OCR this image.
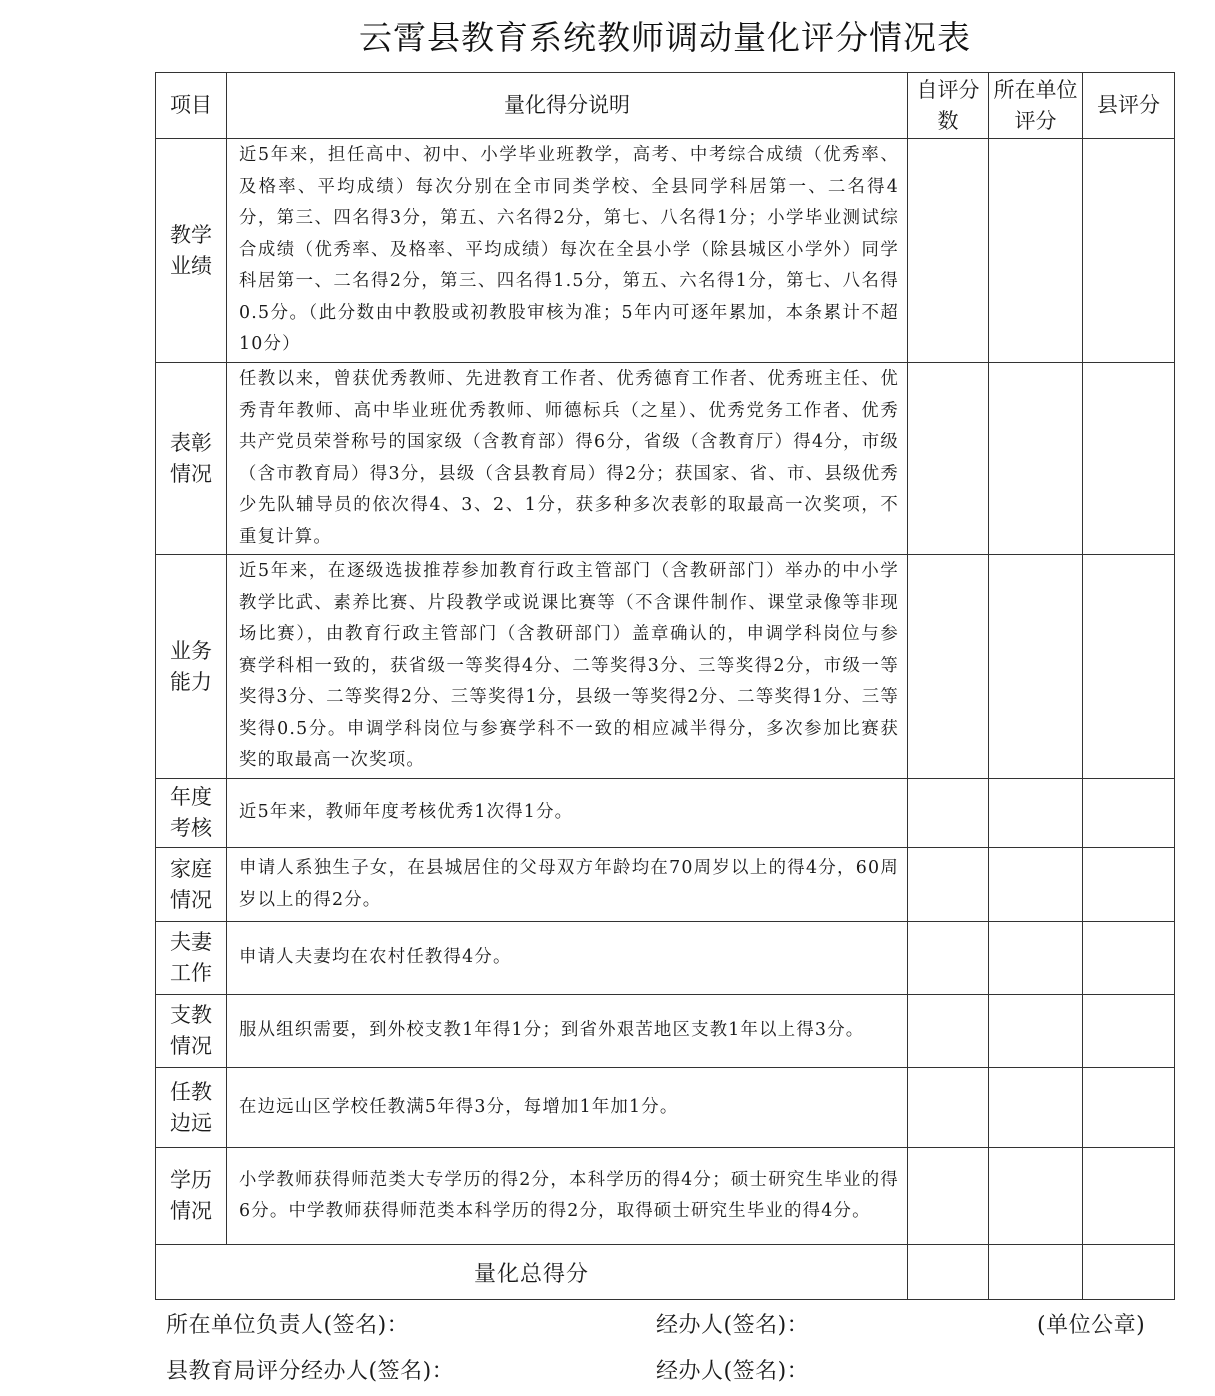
云霄县教育系统教师调动量化评分情况表
项目	量化得分说明	自评分数	所在单位评分	县评分
教学业绩	近5年来，担任高中、初中、小学毕业班教学，高考、中考综合成绩（优秀率、及格率、平均成绩）每次分别在全市同类学校、全县同学科居第一、二名得4分，第三、四名得3分，第五、六名得2分，第七、八名得1分；小学毕业测试综合成绩（优秀率、及格率、平均成绩）每次在全县小学（除县城区小学外）同学科居第一、二名得2分，第三、四名得1.5分，第五、六名得1分，第七、八名得0.5分。（此分数由中教股或初教股审核为准；5年内可逐年累加，本条累计不超10分）			
表彰情况	任教以来，曾获优秀教师、先进教育工作者、优秀德育工作者、优秀班主任、优秀青年教师、高中毕业班优秀教师、师德标兵（之星）、优秀党务工作者、优秀共产党员荣誉称号的国家级（含教育部）得6分，省级（含教育厅）得4分，市级（含市教育局）得3分，县级（含县教育局）得2分；获国家、省、市、县级优秀少先队辅导员的依次得4、3、2、1分，获多种多次表彰的取最高一次奖项，不重复计算。			
业务能力	近5年来，在逐级选拔推荐参加教育行政主管部门（含教研部门）举办的中小学教学比武、素养比赛、片段教学或说课比赛等（不含课件制作、课堂录像等非现场比赛），由教育行政主管部门（含教研部门）盖章确认的，申调学科岗位与参赛学科相一致的，获省级一等奖得4分、二等奖得3分、三等奖得2分，市级一等奖得3分、二等奖得2分、三等奖得1分，县级一等奖得2分、二等奖得1分、三等奖得0.5分。申调学科岗位与参赛学科不一致的相应减半得分，多次参加比赛获奖的取最高一次奖项。			
年度考核	近5年来，教师年度考核优秀1次得1分。			
家庭情况	申请人系独生子女，在县城居住的父母双方年龄均在70周岁以上的得4分，60周岁以上的得2分。			
夫妻工作	申请人夫妻均在农村任教得4分。			
支教情况	服从组织需要，到外校支教1年得1分；到省外艰苦地区支教1年以上得3分。			
任教边远	在边远山区学校任教满5年得3分，每增加1年加1分。			
学历情况	小学教师获得师范类大专学历的得2分，本科学历的得4分；硕士研究生毕业的得6分。中学教师获得师范类本科学历的得2分，取得硕士研究生毕业的得4分。			
量化总得分				
所在单位负责人(签名)：	经办人(签名)：	(单位公章)
县教育局评分经办人(签名)：	经办人(签名)：
